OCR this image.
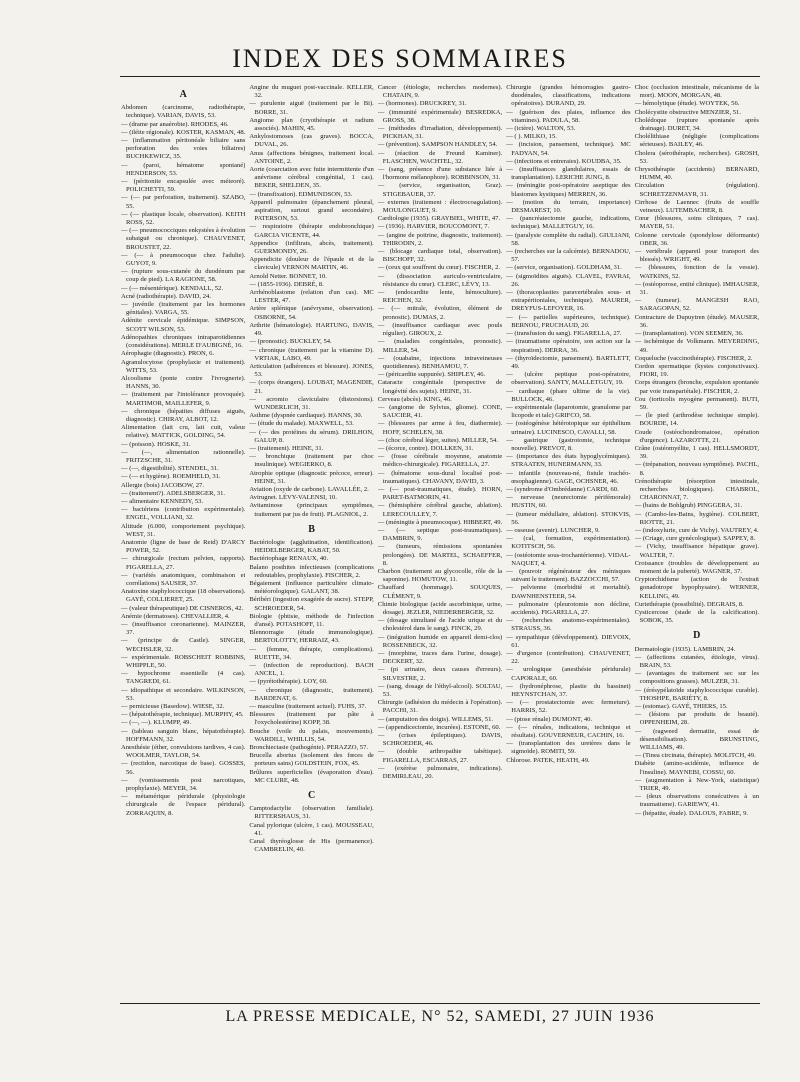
INDEX DES SOMMAIRES
A

Abdomen (carcinome, radiothérapie, technique). VARIAN, DAVIS, 53.

— (drame par anaérobie). RHODES, 46.

— (iléite régionale). KOSTER, KASMAN, 48.

— (inflammation péritonéale biliaire sans perforation des voies biliaires) BUCHKEWICZ, 35.

— (paroi, hématome spontané) HENDERSON, 53.

— (péritonite encapsulée avec méteoré). POLICHETTI, 59.

— (— par perforation, traitement). SZABO, 55.

— (— plastique locale, observation). KEITH ROSS, 52.

— (— pneumococciques enkystées à évolution subaiguë ou chronique). CHAUVENET, BROUSTET, 22.

— (— à pneumocoque chez l'adulte). GUYOT, 9.

— (rupture sous-cutanée du duodénum par coup de pied). LA RAGIONE, 58.

— (— mésentérique). KENDALL, 52.

Acné (radiothérapie). DAVID, 24.

— juvénile (traitement par les hormones génitales). VARGA, 55.

Adénite cervicale épidémique. SIMPSON, SCOTT WILSON, 53.

Adénopathies chroniques intraparotidiennes (considérations). MERLE D'AUBIGNÉ, 16.

Aérophagie (diagnostic). PRON, 6.

Agranulocytose (prophylaxie et traitement). WITTS, 53.

Alcoolisme (ponte contre l'ivrognerie). HANNS, 30.

— (traitement par l'intolérance provoquée). MARTIMOR, MAILLEFER, 9.

— chronique (hépatites diffuses aiguës, diagnostic). CHIRAY, ALBOT, 12.

Alimentation (lait cru, lait cuit, valeur relative). MATTICK, GOLDING, 54.

— (poisson). HOSKE, 31.

— (—, alimentation rationnelle). FRITZSCHE, 31.

— (—, digestibilité). STENDEL, 31.

— (— et hygiène). ROEMHELD, 31.

Allergie (bois) JACOBOW, 27.

— (traitement?). ADELSBERGER, 31.

— alimentaire KENNEDY, 53.

— bactériens (contribution expérimentale). ENGEL, VOLLIANI, 32.

Altitude (6.000, comportement psychique). WEST, 31.

Anatomie (ligne de base de Reid) D'ARCY POWER, 52.

— chirurgicale (rectum pelvien, rapports). FIGARELLA, 27.

— (variétés anatomiques, combinaison et corrélations) SAUSER, 37.

Anatoxine staphylococcique (18 observations). GAYÉ, COLLIERET, 25.

— (valeur thérapeutique) DE CISNEROS, 42.

Anémie (dermatoses). CHEVALLIER, 4.

— (insuffisance coronarienne). MAINZER, 37.

— (principe de Castle). SINGER, WECHSLER, 32.

— expérimentale. ROBSCHEIT ROBBINS, WHIPPLE, 50.

— hypochrome essentielle (4 cas). TANGREDI, 61.

— idiopathique et secondaire. WILKINSON, 53.

— pernicieuse (Basedow). WIESE, 32.

— (hépatothérapie, technique). MURPHY, 45.

— (—, —). KLUMPP, 49.

— (tableau sanguin blanc, hépatothérapie). HOFFMANN, 32.

Anesthésie (éther, convulsions tardives, 4 cas). WOOLMER, TAYLOR, 54.

— (rectidon, narcotique de base). GOSSES, 56.

— (vomissements post narcotiques, prophylaxie). MEYER, 34.

— métamérique péridurale (physiologie chirurgicale de l'espace péridural). ZORRAQUIN, 8.

Angine du muguet post-vaccinale. KELLER, 32.

— purulente aiguë (traitement par le Bi). BORRE, 31.

Angiome plan (cryothérapie et radium associés). MAHIN, 45.

Ankylostomoses (cas graves). BOCCA, DUVAL, 26.

Anus (affections bénignes, traitement local. ANTOINE, 2.

Aorte (coarctation avec fuite intermittente d'un anévrisme cérébral congénital, 1 cas). BEKER, SHELDEN, 35.

— (transfixation). EDMUNDSON, 53.

Appareil pulmonaire (épanchement pleural, aspiration, surtout grand secondaire). PATERSON, 53.

— respiratoire (thérapie endobronchique) GARCIA VICENTE, 44.

Appendice (infiltrats, abcès, traitement). GUERMONDY, 26.

Appendicite (douleur de l'épaule et de la clavicule) VERNON MARTIN, 46.

Arnold Netter. BONNET, 10.

— (1855-1936). DEBRÉ, 8.

Arrhénoblastome (relation d'un cas). MC LESTER, 47.

Artère splénique (anévrysme, observation). OSBORNE, 54.

Arthrite (hématologie). HARTUNG, DAVIS, 49.

— (pronostic). BUCKLEY, 54.

— chronique (traitement par la vitamine D). VRTIAK, LABO, 49.

Articulation (adhérences et blessure). JONES, 53.

— (corps étrangers). LOUBAT, MAGENDIE, 21.

— acromio claviculaire (distorsions). WUNDERLICH, 31.

Asthme (dyspnée cardiaque). HANNS, 30.

— (étude du malade). MAXWELL, 53.

— (— des protéines du sérum). DRILHON, GALUP, 8.

— (traitement). HEINE, 31.

— bronchique (traitement par choc insulinique). WEGIERKO, 8.

Atrophie optique (diagnostic précoce, erreur). HEINE, 31.

Aviation (oxyde de carbone). LAVALLÉE, 2.

Avirugnet. LÉVY-VALENSI, 10.

Avitaminose (principaux symptômes, traitement par jus de fruit). PLAGNIOL, 2.

B

Bactériologie (agglutination, identification). HEIDELBERGER, KABAT, 50.

Bactériophage RENAUX, 40.

Balano posthites infectieuses (complications redoutables, prophylaxie). FISCHER, 2.

Bégaiement (influence particulière climato-météorologique). GALANT, 38.

Béribéri (ingestion exagérée de sucre). STEPP, SCHROEDER, 54.

Biologie (phtisie, méthode de l'infection d'ansé). POTASHOFF, 11.

Blennorragie (étude immunologique). BERTOLOTTY, HERRAIZ, 43.

— (femme, thérapie, complications). RUETTE, 34.

— (infection de reproduction). BACH ANCEL, 1.

— (pyrétothérapie). LOY, 60.

— chronique (diagnostic, traitement). BARDENAT, 6.

— masculine (traitement actuel). FUHS, 37.

Blessures (traitement par pâte à l'oxycholestérine) KOPP, 38.

Bouche (voile du palais, mouvements). WARDILL, WHILLIS, 54.

Bronchiectasie (pathogénie). PERAZZO, 57.

Brucella abortus (isolement des fœces de porteurs sains) GOLDSTEIN, FOX, 45.

Brûlures superficielles (évaporation d'eau). MC CLURE, 48.

C

Camptodactylie (observation familiale). RITTERSHAUS, 31.

Canal pylorique (ulcère, 1 cas). MOUSSEAU, 41.

Canal thyréoglosse de His (permanence). CAMBRELIN, 40.

Cancer (étiologie, recherches modernes). CHATAIN, 9.

— (hormones). DRUCKREY, 31.

— (immunité expérimentale) BESREDKA, GROSS, 38.

— (méthodes d'irradiation, développement). PICKHAN, 31.

— (prévention). SAMPSON HANDLEY, 54.

— (réaction de Freund Kaminer). FLASCHEN, WACHTEL, 32.

— (sang, présence d'une substance liée à l'hormone mélanophore). ROBBINSON, 31.

— (service, organisation, Graz). STIGEBAUER, 37.

— externes (traitement : électrocoagulation). MOULONGUET, 9.

Cardiologie (1935). GRAYBIEL, WHITE, 47.

— (1936). HARVIER, BOUCOMONT, 7.

— (angine de poitrine, diagnostic, traitement). THIRODIN, 2.

— (blocage cardiaque total, observation). BISCHOFF, 32.

— (ceux qui souffrent du cœur). FISCHER, 2.

— (dissociation auriculo-ventriculaire, résistance du cœur). CLERC, LÉVY, 13.

— (endocardite lente, hémoculture). REICHEN, 32.

— (— mitrale, évolution, élément de pronostic). DUMAS, 2.

— (insuffisance cardiaque avec pouls régulier). GIROUX, 2.

— (maladies congénitales, pronostic). MILLER, 54.

— (ouabaïne, injections intraveineuses quotidiennes). BENHAMOU, 7.

— (péricardite suppurée). SHIPLEY, 46.

Cataracte congénitale (perspective de longévité des sujets). HEINE, 31.

Cerveau (abcès). KING, 46.

— (angiome de Sylvius, gliome). CONE, SAUCIER, 41.

— (blessures par arme à feu, diathermie). HOFF, SCHELEN, 38.

— (choc cérébral léger, suites). MILLER, 54.

— (écorce, contre). DOLLKEN, 31.

— (fosse cérébrale moyenne, anatomie médico-chirurgicale). FIGARELLA, 27.

— (hématome sous-dural localisé post-traumatiques). CHAVANY, DAVID, 3.

— (— post-traumatiques, étude). HORN, PARET-BATMORIN, 41.

— (hémisphère cérébral gauche, ablation). LERECOULLEY, 7.

— (méningite à pneumocoque). HIBBERT, 49.

— (— septique post-traumatiques). DAMBRIN, 9.

— (tumeurs, rémissions spontanées prolongées). DE MARTEL, SCHAEFFER, 8.

Charbon (traitement au glycocolle, rôle de la saponine). HOMUTOW, 11.

Chauffard (hommage). SOUQUES, CLÉMENT, 9.

Chimie biologique (acide ascorbinique, urine, dosage). JEZLER, NIEDERBERGER, 32.

— (dosage simultané de l'acide urique et du cholestérol dans le sang). FINCK, 29.

— (inégration humide en appareil demi-clos) ROSSENBECK, 32.

— (morphine, traces dans l'urine, dosage). DECKERT, 32.

— (pi urinaire, deux causes d'erreurs). SILVESTRE, 2.

— (sang, dosage de l'éthyl-alcool). SOLTAU, 53.

Chirurgie (adhésion du médecin à l'opération). PACCHI, 31.

— (amputation des doigts). WILLEMS, 51.

— (appendicectomie, incurées). ESTONE, 60.

— (crises épileptiques). DAVIS, SCHROEDER, 46.

— (double arthropathie tabétique). FIGARELLA, ESCARRAS, 27.

— (exérèse pulmonaire, indications). DEMIRLEAU, 20.

Chirurgie (grandes hémorragies gastro-duodénales, classifications, indications opératoires). DURAND, 29.

— (guérison des plaies, influence des vitamines). PADULA, 58.

— (ictère). WALTON, 53.

— ( ). MILKO, 15.

— (incision, pansement, technique). MC FADYAN, 54.

— (infections et entreraies). KOUDBA, 35.

— (insuffisances glandulaires, essais de transplantation). LERICHE JUNG, 8.

— (méningite post-opératoire aseptique des blastomes kystiques) MERREN, 36.

— (motion du terrain, importance) DESMAREST, 10.

— (pancréatectomie gauche, indications, technique). MALLETGUY, 16.

— (paralysie complète du radial). GIULIANI, 58.

— (recherches sur la calcémie). BERNADOU, 57.

— (service, organisation). GOLDHAM, 31.

— (sigmoïdites aiguës). CLAVEL, FAVRAI, 26.

— (thoracoplasties paravertébrales sous- et extrapéritoniales, technique). MAURER, DREYFUS-LEFOYER, 16.

— (— partielles supérieures, technique). BERNOU, FRUCHAUD, 20.

— (transfusion du sang). FIGARELLA, 27.

— (traumatisme opératoire, son action sur la respiration). DERRA, 36.

— (thyroïdectomie, pansement). BARTLETT, 49.

— (ulcère peptique post-opératoire, observation). SANTY, MALLETGUY, 19.

— cardiaque (phare ultime de la vie). BULLOCK, 46.

— expérimentale (laparotomie, granulome par licopode et talc) GRIFCO, 58.

— (ostéogénèse hétérotopique sur épithélium urinaire). LUCINESCO, CAVALLI, 58.

— gastrique (gastrotomie, technique nouvelle). PREVOT, 8.

— (importance des états hypoglycémiques). STRAATEN, HUNERMANN, 33.

— infantile (nouveau-né, fistule trachéo-œsophagienne). GAGE, OCHSNER, 46.

— (syndrome d'Ombrédanne) CARDI, 60.

— nerveuse (neurectomie périfémorale) HUSTIN, 60.

— (tumeur médullaire, ablation). STOKVIS, 56.

— osseuse (avenir). LUNCHER, 9.

— (cal, formation, expérimentation). KOTITSCH, 56.

— (ostéotomie sous-trochantérienne). VIDAL-NAQUET, 4.

— (pouvoir régénérateur des ménisques suivant le traitement). BAZZOCCHI, 57.

— pelvienne (morbidité et mortalité). DAWNHENSTEER, 54.

— pulmonaire (pleurotomie non décline, accidents). FIGARELLA, 27.

— (recherches anatomo-expérimentales). STRAUSS, 36.

— sympathique (développement). DIEVOIX, 61.

— d'urgence (contribution). CHAUVENET, 22.

— urologique (anesthésie péridurale) CAPORALE, 60.

— (hydronéphrose, plastie du bassinet) HEYNSTCHAN, 37.

— (— prostatectomie avec fermeture). HARRIS, 52.

— (ptose rénale) DUMONT, 40.

— (— rénales, indications, technique et résultats). GOUVERNEUR, CACHIN, 16.

— (transplantation des uretères dans le sigmoïde). ROMITI, 59.

Chlorose. PATEK, HEATH, 49.

Choc (occlusion intestinale, mécanisme de la mort). MOON, MORGAN, 48.

— hémolytique (étude). WOYTEK, 56.

Cholécystite obstructive MENZIER, 51.

Cholédoque (rupture spontanée après drainage). DURET, 34.

Cholélithiase (négligée (complications sérieuses). BAILEY, 46.

Cholera (sérothérapie, recherches). GROSH, 53.

Chrysothérapie (accidents) BERNARD, HUMM, 40.

Circulation (régulation). SCHRETZENMAYR, 31.

Cirrhose de Laennec (fruits de souffle veineux). LUTEMBACHER, 8.

Cœur (blessures, soins cliniques, 7 cas). MAYER, 51.

Colonne cervicale (spondylose déformante) OBER, 36.

— vertébrale (appareil pour transport des blessés). WRIGHT, 49.

— (blessures, fonction de la vessie). WATKINS, 52.

— (ostéoporose, entité clinique). IMHAUSER, 31.

— (tumeur). MANGESH RAO, SARAGOPAN, 52.

Contracture de Dupuytren (étude). MAUSER, 36.

— (transplantation). VON SEEMEN, 36.

— ischémique de Volkmann. MEYERDING, 49.

Coqueluche (vaccinothérapie). FISCHER, 2.

Cordon spermatique (kystes conjonctivaux). FIORI, 19.

Corps étrangers (bronche, expulsion spontanée par voie transpariétale). FISCHER, 2.

Cou (torticolis myogène permanent). BUTI, 59.

— (le pied (arthrodèse technique simple). BOURDE, 14.

Coude (ostéochondromatose, opération d'urgence). LAZAROTTE, 21.

Crâne (ostéomyélite, 1 cas). HELLSMORDT, 39.

— (trépanation, nouveau symptôme). PACHL, 8.

Crénothérapie (résorption intestinale, recherches biologiques). CHABROL, CHARONNAT, 7.

— (bains de Bohlgrub) PINGGERA, 31.

— (Cambo-les-Bains, hygiène). COLBERT, RIOTTE, 21.

— (indoxylurie, cure de Vichy). VAUTREY, 4.

— (Criage, cure gynécologique). SAPPEY, 8.

— (Vichy, insuffisance hépatique grave). WALTER, 7.

Croissance (troubles de développement au moment de la puberté). WAGNER, 37.

Cryptorchidisme (action de l'extrait gonadotrope hypophysaire). WERNER, KELLING, 49.

Curiethérapie (possibilité). DEGRAIS, 8.

Cysticercose (stade de la calcification). SOBOK, 35.

D

Dermatologie (1935). LAMBRIN, 24.

— (affections cutanées, étiologie, virus). BRAIN, 53.

— (avantages du traitement sec sur les compositions grasses). MULZER, 31.

— (érésypélatoïde staphylococcique curable). THOSHPE, BARIÉTY, 8.

— (estomac). GAYÉ, THIERS, 15.

— (lésions par produits de beauté). OPPENHEIM, 28.

— (ragweed dermatite, essai de désensibilisation). BRUNSTING, WILLIAMS, 49.

— (Tinea circinata, thérapie). MOLITCH, 49.

Diabète (amino-acidémie, influence de l'insuline). MAYNEBI, COSSU, 60.

— (augmentation à New-York, statistique) TRIER, 49.

— (deux observations consécutives à un traumatisme). GARIEWY, 41.

— (hépatite, étude). DALOUS, FABRE, 9.

LA PRESSE MEDICALE, N° 52, SAMEDI, 27 JUIN 1936
